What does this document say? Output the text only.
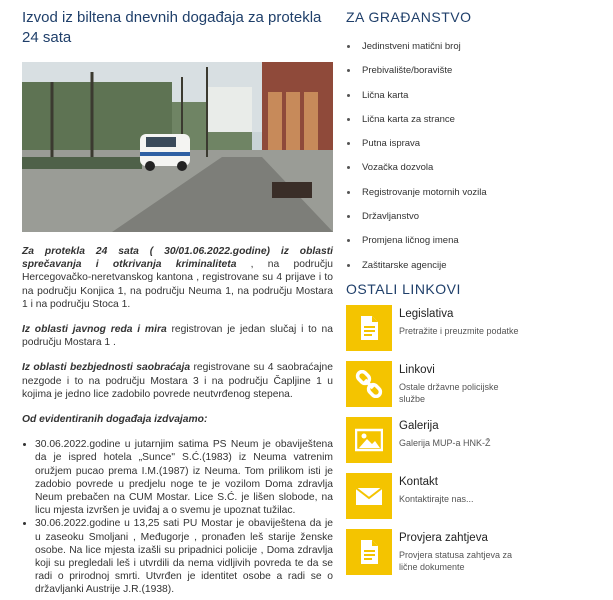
Izvod iz biltena dnevnih događaja za protekla 24 sata

Za protekla 24 sata ( 30/01.06.2022.godine) iz oblasti sprečavanja i otkrivanja kriminaliteta , na području Hercegovačko-neretvanskog kantona , registrovane su 4 prijave i to na području Konjica 1, na području Neuma 1, na području Mostara 1 i na području Stoca 1.

Iz oblasti javnog reda i mira registrovan je jedan slučaj i to na području Mostara 1 .

Iz oblasti bezbjednosti saobraćaja registrovane su 4 saobraćajne nezgode i to na području Mostara 3 i na području Čapljine 1 u kojima je jedno lice zadobilo povrede neutvrđenog stepena.

Od evidentiranih događaja izdvajamo:

• 30.06.2022.godine u jutarnjim satima PS Neum je obaviještena da je ispred hotela „Sunce" S.Ć.(1983) iz Neuma vatrenim oružjem pucao prema I.M.(1987) iz Neuma. Tom prilikom isti je zadobio povrede u predjelu noge te je vozilom Doma zdravlja Neum prebačen na CUM Mostar. Lice S.Ć. je lišen slobode, na licu mjesta izvršen je uviđaj a o svemu je upoznat tužilac.
• 30.06.2022.godine u 13,25 sati PU Mostar je obaviještena da je u zaseoku Smoljani , Međugorje , pronađen leš starije ženske osobe. Na lice mjesta izašli su pripadnici policije , Doma zdravlja koji su pregledali leš i utvrdili da nema vidljivih povreda te da se radi o prirodnoj smrti. Utvrđen je identitet osobe a radi se o državljanki Austrije J.R.(1938).
ZA GRAĐANSTVO
Jedinstveni matični broj
Prebivalište/boravište
Lična karta
Lična karta za strance
Putna isprava
Vozačka dozvola
Registrovanje motornih vozila
Državljanstvo
Promjena ličnog imena
Zaštitarske agencije
OSTALI LINKOVI
Legislativa
Pretražite i preuzmite podatke
Linkovi
Ostale državne policijske službe
Galerija
Galerija MUP-a HNK-Ž
Kontakt
Kontaktirajte nas...
Provjera zahtjeva
Provjera statusa zahtjeva za lične dokumente
